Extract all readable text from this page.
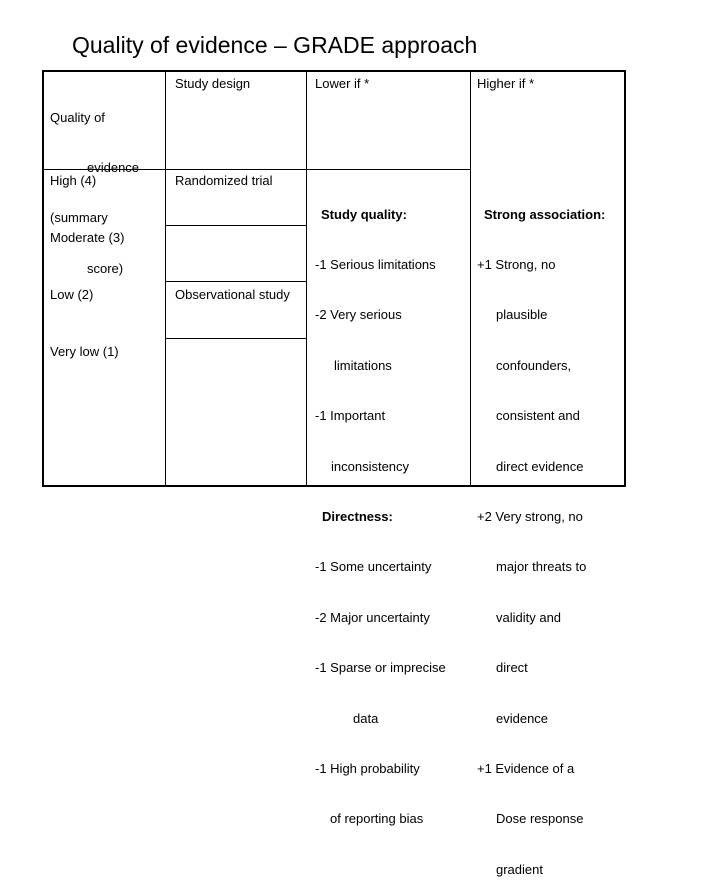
Quality of evidence – GRADE approach

Quality of

evidence

(summary

score)

Study design	Lower if *	Higher if *
High (4)
Moderate (3)
Low (2)
Very low (1)
Randomized trial
Observational study

Study quality:

-1 Serious limitations

-2 Very serious

limitations

-1 Important

inconsistency

Directness:

-1 Some uncertainty

-2 Major uncertainty

-1 Sparse or imprecise

data

-1 High probability

of reporting bias

Strong association:

+1 Strong, no

plausible

confounders,

consistent and

direct evidence

+2 Very strong, no

major threats to

validity and

direct

evidence

+1 Evidence of a

Dose response

gradient
